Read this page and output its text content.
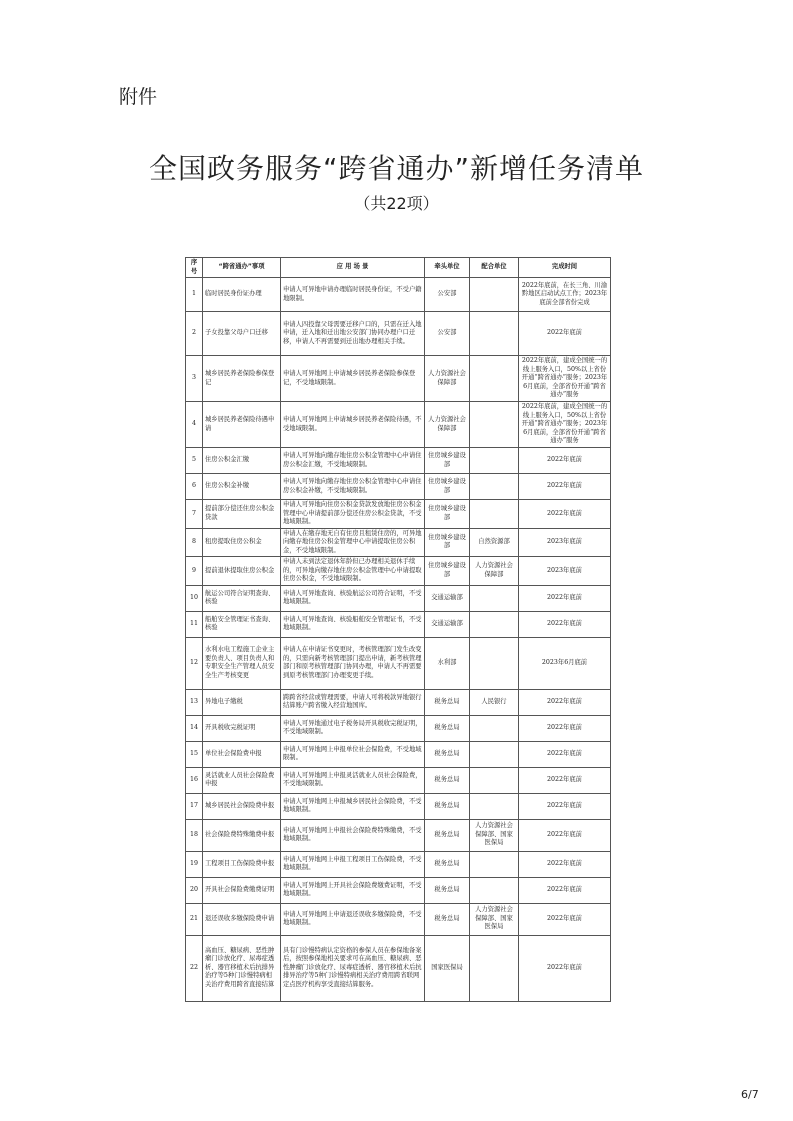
附件
全国政务服务“跨省通办”新增任务清单
（共22项）
序号	“跨省通办”事项	应 用 场 景	牵头单位	配合单位	完成时间
1	临时居民身份证办理	申请人可异地申请办理临时居民身份证，不受户籍地限制。	公安部		2022年底前，在长三角、川渝黔地区启动试点工作；2023年底前全部省份完成
2	子女投靠父母户口迁移	申请人四投靠父母需要迁移户口的，只需在迁入地申请，迁入地和迁出地公安部门协同办理户口迁移，申请人不再需要到迁出地办理相关手续。	公安部		2022年底前
3	城乡居民养老保险参保登记	申请人可异地网上申请城乡居民养老保险参保登记，不受地域限制。	人力资源社会保障部		2022年底前，建成全国统一的线上服务入口，50%以上省份开通“跨省通办”服务；2023年6月底前，全部省份开通“跨省通办”服务
4	城乡居民养老保险待遇申请	申请人可异地网上申请城乡居民养老保险待遇，不受地域限制。	人力资源社会保障部		2022年底前，建成全国统一的线上服务入口，50%以上省份开通“跨省通办”服务；2023年6月底前，全部省份开通“跨省通办”服务
5	住房公积金汇缴	申请人可异地向缴存地住房公积金管理中心申请住房公积金汇缴，不受地域限制。	住房城乡建设部		2022年底前
6	住房公积金补缴	申请人可异地向缴存地住房公积金管理中心申请住房公积金补缴，不受地域限制。	住房城乡建设部		2022年底前
7	提前部分偿还住房公积金贷款	申请人可异地向住房公积金贷款发放地住房公积金管理中心申请提前部分偿还住房公积金贷款，不受地域限制。	住房城乡建设部		2022年底前
8	租房提取住房公积金	申请人在缴存地无自有住房且租赁住房的，可异地向缴存地住房公积金管理中心申请提取住房公积金，不受地域限制。	住房城乡建设部	自然资源部	2023年底前
9	提前退休提取住房公积金	申请人未到法定退休年龄但已办理相关退休手续的，可异地向缴存地住房公积金管理中心申请提取住房公积金，不受地域限制。	住房城乡建设部	人力资源社会保障部	2023年底前
10	航运公司符合证明查询、核验	申请人可异地查询、核验航运公司符合证明，不受地域限制。	交通运输部		2022年底前
11	船舶安全管理证书查询、核验	申请人可异地查询、核验船舶安全管理证书，不受地域限制。	交通运输部		2022年底前
12	水利水电工程施工企业主要负责人、项目负责人和专职安全生产管理人员安全生产考核变更	申请人在申请证书变更时，考核管理部门发生改变的，只需向新考核管理部门提出申请，新考核管理部门和原考核管理部门协同办理，申请人不再需要到原考核管理部门办理变更手续。	水利部		2023年6月底前
13	异地电子缴税	跨跨省经营或管理需要，申请人可将税款异地银行结算账户跨省缴入经营地国库。	税务总局	人民银行	2022年底前
14	开具税收完税证明	申请人可异地通过电子税务局开具税收完税证明，不受地域限制。	税务总局		2022年底前
15	单位社会保险费申报	申请人可异地网上申报单位社会保险费，不受地域限制。	税务总局		2022年底前
16	灵活就业人员社会保险费申报	申请人可异地网上申报灵活就业人员社会保险费，不受地域限制。	税务总局		2022年底前
17	城乡居民社会保险费申报	申请人可异地网上申报城乡居民社会保险费，不受地域限制。	税务总局		2022年底前
18	社会保险费特殊缴费申报	申请人可异地网上申报社会保险费特殊缴费，不受地域限制。	税务总局	人力资源社会保障部、国家医保局	2022年底前
19	工程项目工伤保险费申报	申请人可异地网上申报工程项目工伤保险费，不受地域限制。	税务总局		2022年底前
20	开具社会保险费缴费证明	申请人可异地网上开具社会保险费缴费证明，不受地域限制。	税务总局		2022年底前
21	退还误收多缴保险费申请	申请人可异地网上申请退还误收多缴保险费，不受地域限制。	税务总局	人力资源社会保障部、国家医保局	2022年底前
22	高血压、糖尿病、恶性肿瘤门诊放化疗、尿毒症透析、器官移植术后抗排异治疗等5种门诊慢特病相关治疗费用跨省直接结算	具有门诊慢特病认定资格的参保人员在参保地备案后，按照参保地相关要求可在高血压、糖尿病、恶性肿瘤门诊放化疗、尿毒症透析、器官移植术后抗排异治疗等5种门诊慢特病相关治疗费用跨省联网定点医疗机构享受直接结算服务。	国家医保局		2022年底前
6/7
